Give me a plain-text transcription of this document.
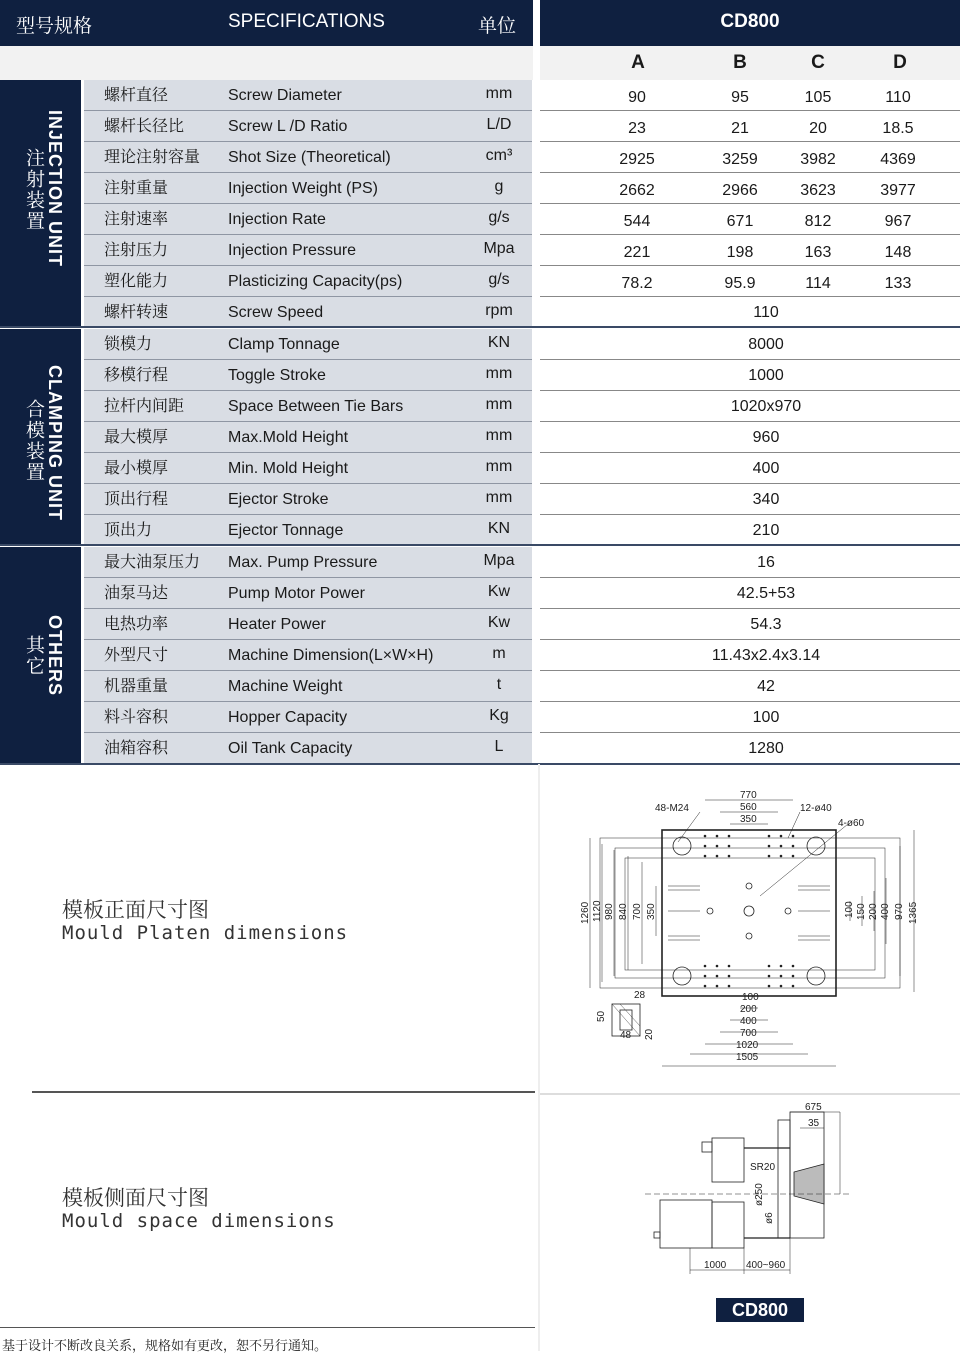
型号规格	SPECIFICATIONS	单位	CD800
A	B	C	D
INJECTION UNIT
注射装置
CLAMPING UNIT
合模装置
OTHERS
其它
螺杆直径	Screw Diameter	mm	90	95	105	110
螺杆长径比	Screw L /D Ratio	L/D	23	21	20	18.5
理论注射容量	Shot Size (Theoretical)	cm³	2925	3259	3982	4369
注射重量	Injection Weight (PS)	g	2662	2966	3623	3977
注射速率	Injection Rate	g/s	544	671	812	967
注射压力	Injection Pressure	Mpa	221	198	163	148
塑化能力	Plasticizing Capacity(ps)	g/s	78.2	95.9	114	133
螺杆转速	Screw Speed	rpm	110
锁模力	Clamp Tonnage	KN	8000
移模行程	Toggle Stroke	mm	1000
拉杆内间距	Space Between Tie Bars	mm	1020x970
最大模厚	Max.Mold Height	mm	960
最小模厚	Min. Mold Height	mm	400
顶出行程	Ejector Stroke	mm	340
顶出力	Ejector Tonnage	KN	210
最大油泵压力	Max. Pump Pressure	Mpa	16
油泵马达	Pump Motor Power	Kw	42.5+53
电热功率	Heater Power	Kw	54.3
外型尺寸	Machine Dimension(L×W×H)	m	11.43x2.4x3.14
机器重量	Machine Weight	t	42
料斗容积	Hopper Capacity	Kg	100
油箱容积	Oil Tank Capacity	L	1280
模板正面尺寸图
Mould Platen dimensions
模板侧面尺寸图
Mould space dimensions
770
560
350
48-M24	12-ø40
4-ø60
1260 1120 980 840 700 350	100 150 200 400 970 1365
100
200
400
700
1020
1505
28
50
48 20
675
35
SR20
ø250
ø6
1000 400~960
CD800
基于设计不断改良关系，规格如有更改，恕不另行通知。
